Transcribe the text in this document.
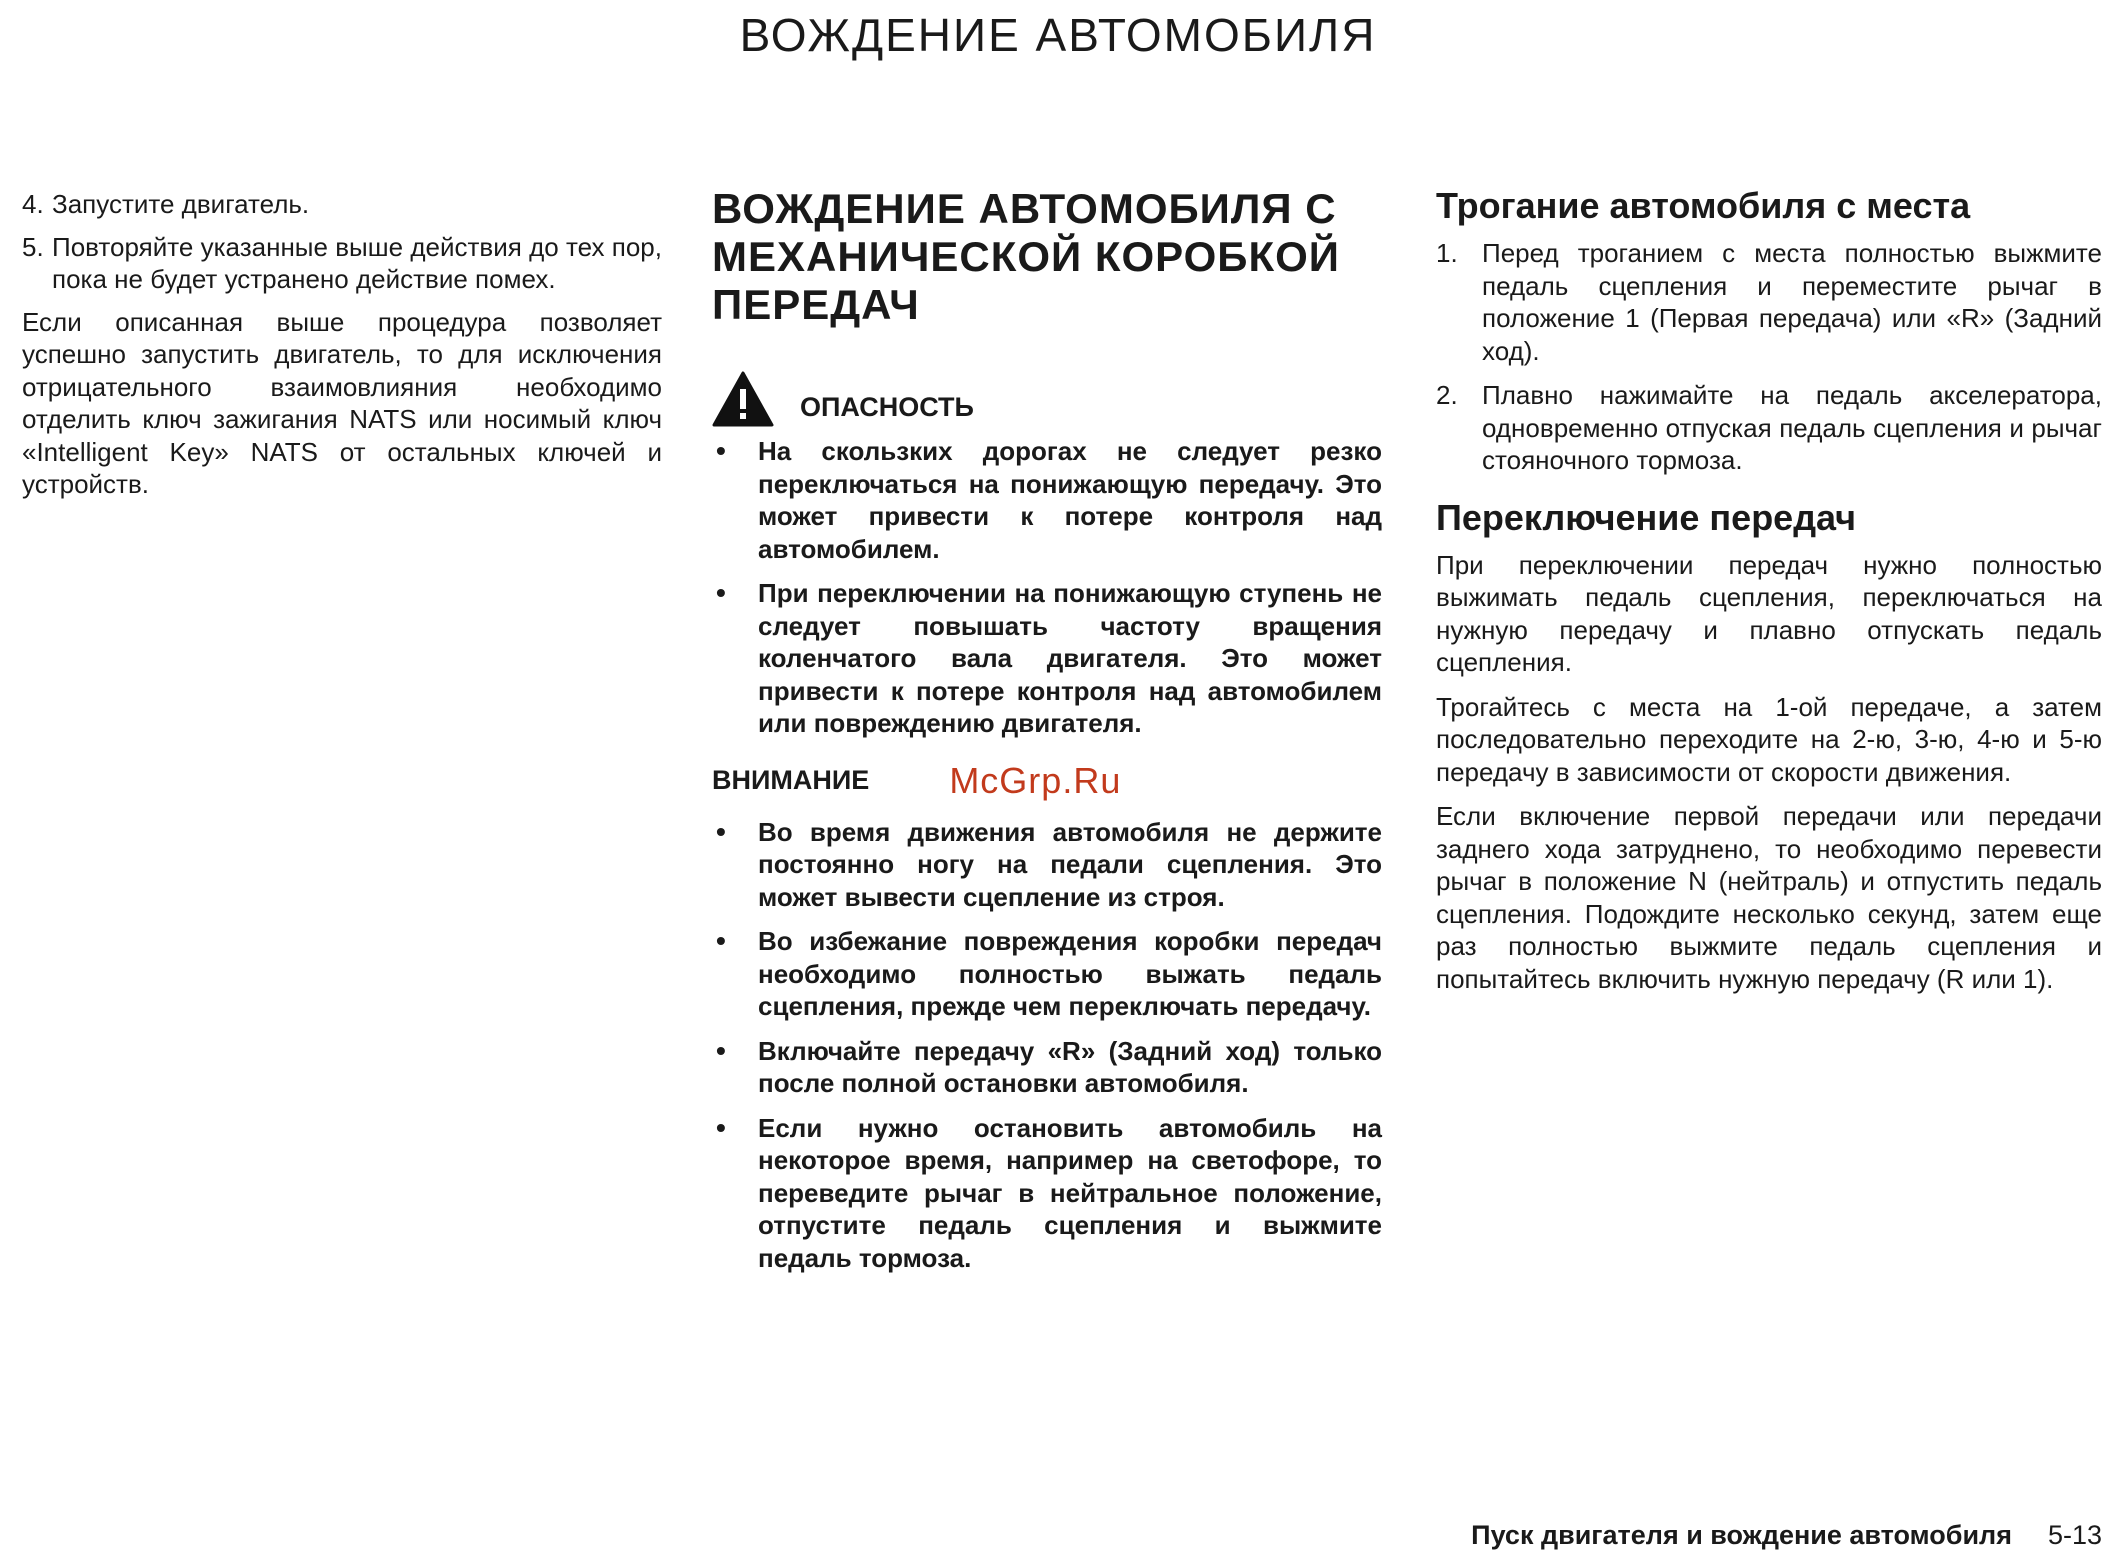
ВОЖДЕНИЕ АВТОМОБИЛЯ
4. Запустите двигатель.
5. Повторяйте указанные выше действия до тех пор, пока не будет устранено действие помех.

Если описанная выше процедура позволяет успешно запустить двигатель, то для исключения отрицательного взаимовлияния необходимо отделить ключ зажигания NATS или носимый ключ «Intelligent Key» NATS от остальных ключей и устройств.

ВОЖДЕНИЕ АВТОМОБИЛЯ С МЕХАНИЧЕСКОЙ КОРОБКОЙ ПЕРЕДАЧ
ОПАСНОСТЬ
• На скользких дорогах не следует резко переключаться на понижающую передачу. Это может привести к потере контроля над автомобилем.
• При переключении на понижающую ступень не следует повышать частоту вращения коленчатого вала двигателя. Это может привести к потере контроля над автомобилем или повреждению двигателя.
ВНИМАНИЕ McGrp.Ru
• Во время движения автомобиля не держите постоянно ногу на педали сцепления. Это может вывести сцепление из строя.
• Во избежание повреждения коробки передач необходимо полностью выжать педаль сцепления, прежде чем переключать передачу.
• Включайте передачу «R» (Задний ход) только после полной остановки автомобиля.
• Если нужно остановить автомобиль на некоторое время, например на светофоре, то переведите рычаг в нейтральное положение, отпустите педаль сцепления и выжмите педаль тормоза.
Трогание автомобиля с места
1. Перед троганием с места полностью выжмите педаль сцепления и переместите рычаг в положение 1 (Первая передача) или «R» (Задний ход).
2. Плавно нажимайте на педаль акселератора, одновременно отпуская педаль сцепления и рычаг стояночного тормоза.
Переключение передач

При переключении передач нужно полностью выжимать педаль сцепления, переключаться на нужную передачу и плавно отпускать педаль сцепления.

Трогайтесь с места на 1-ой передаче, а затем последовательно переходите на 2-ю, 3-ю, 4-ю и 5-ю передачу в зависимости от скорости движения.

Если включение первой передачи или передачи заднего хода затруднено, то необходимо перевести рычаг в положение N (нейтраль) и отпустить педаль сцепления. Подождите несколько секунд, затем еще раз полностью выжмите педаль сцепления и попытайтесь включить нужную передачу (R или 1).

Пуск двигателя и вождение автомобиля 5-13
